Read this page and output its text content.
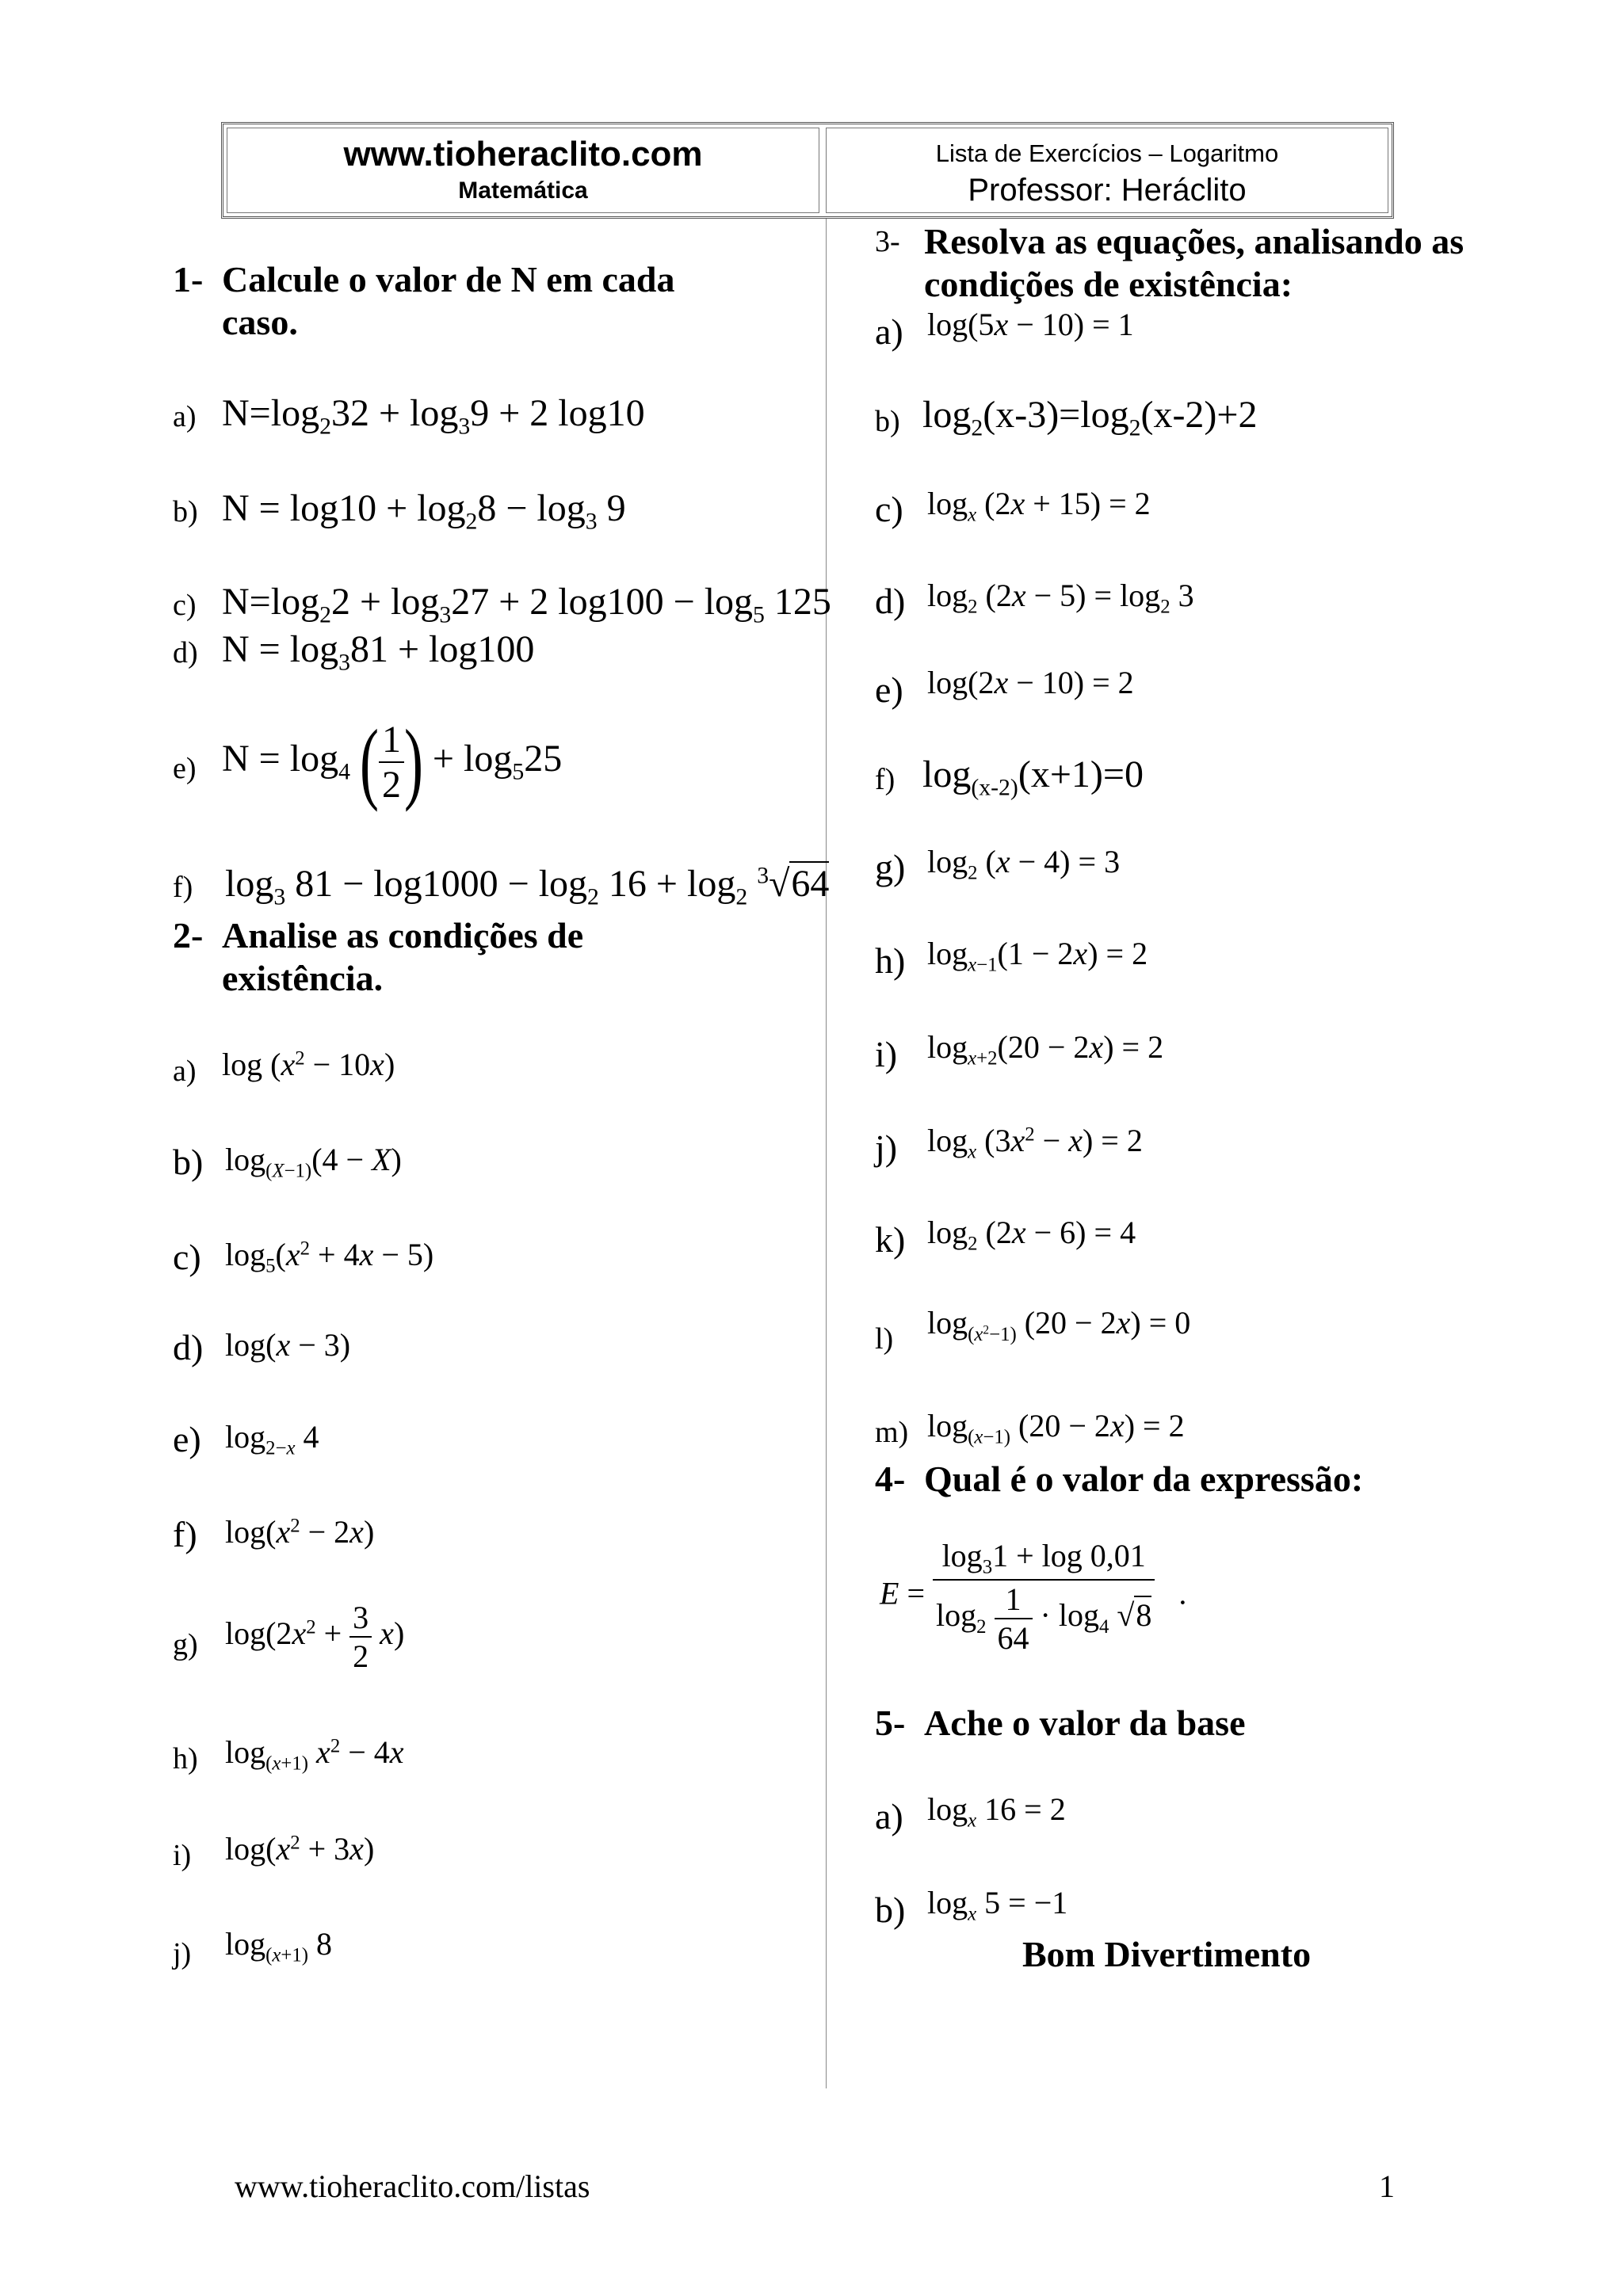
www.tioheraclito.com
Matemática
Lista de Exercícios – Logaritmo
Professor: Heráclito
1- Calcule o valor de N em cada caso.
a) $N=\log_232 + \log_39 + 2$ log10
b) $N = \log 10 + \log_28 - \log_3 9$
c) $N=\log_22 + \log_327 + 2$ $\log 100 - \log_5 125$
d) $N = \log_381 + \log 100$
e) $N = \log_4$ ( $\frac{1}{2}$ ) + $\log_525$
f) $\log_3 81 - \log 1000 - \log_2 16 + \log_2 ^3√64$
2- Analise as condições de existência.
a) $\log (x^2 - 10x)$
b) $\log_{(X-1)}(4 - X)$
c) $\log_5(x^2 + 4x - 5)$
d) log(x − 3)
e) $\log_{2-x} 4$
f) $\log(x^2 - 2x)$
g) $\log(2x^2 + \frac{3}{2} x)$
h) $\log_{(x+1)} x^2 - 4x$
i) $\log(x^2 + 3x)$
j) $\log_{(x+1)} 8$
3- Resolva as equações, analisando as condições de existência:
a) log(5x − 10) = 1
b) $\log_2(x-3)=\log_2(x-2)+2$
c) $\log_x (2x + 15) = 2$
d) $\log_2 (2x - 5) = \log_2 3$
e) log(2x − 10) = 2
f) $\log_{(x-2)}(x+1)=0$
g) $\log_2 (x - 4) = 3$
h) $\log_{x-1}(1 - 2x) = 2$
i) $\log_{x+2}(20 - 2x) = 2$
j) $\log_x (3x^2 - x) = 2$
k) $\log_2 (2x - 6) = 4$
l) $\log_{(x^2-1)} (20 - 2x) = 0$
m) $\log_{(x-1)} (20 - 2x) = 2$
4- Qual é o valor da expressão:
$E = \frac{\log_31 + \log 0,01}{\log_2 \frac{1}{64} \cdot \log_4 √8}$ .
5- Ache o valor da base
a) $\log_x 16 = 2$
b) $\log_x 5 = -1$
Bom Divertimento
www.tioheraclito.com/listas	1
